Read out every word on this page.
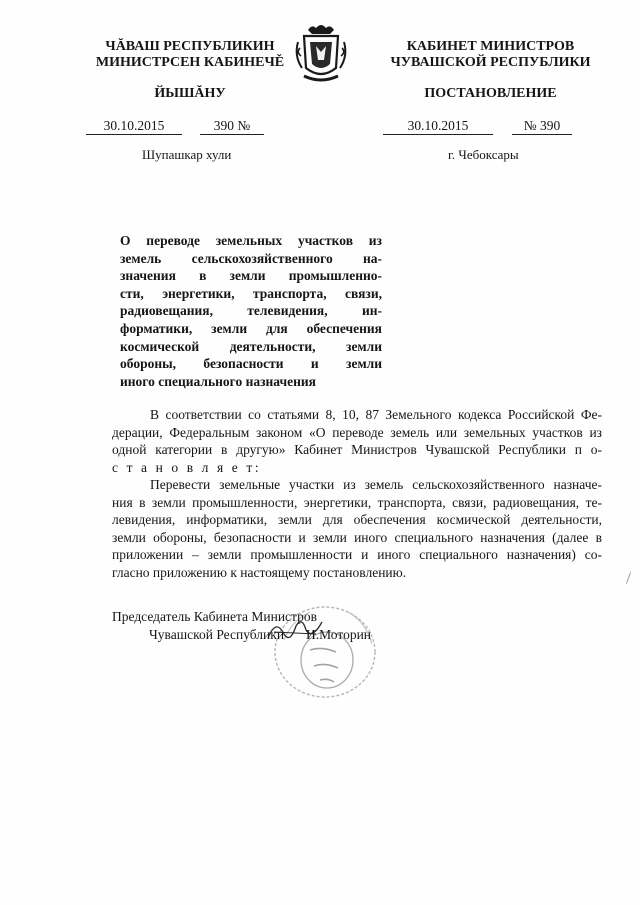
ЧĂВАШ РЕСПУБЛИКИН
МИНИСТРСЕН КАБИНЕЧĚ
КАБИНЕТ МИНИСТРОВ
ЧУВАШСКОЙ РЕСПУБЛИКИ
ЙЫШĂНУ	ПОСТАНОВЛЕНИЕ
30.10.2015	390 №	30.10.2015	№ 390
Шупашкар хули	г. Чебоксары
О переводе земельных участков из
земель сельскохозяйственного на-
значения в земли промышленно-
сти, энергетики, транспорта, связи,
радиовещания, телевидения, ин-
форматики, земли для обеспечения
космической деятельности, земли
обороны, безопасности и земли
иного специального назначения
В соответствии со статьями 8, 10, 87 Земельного кодекса Российской Фе-
дерации, Федеральным законом «О переводе земель или земельных участков из
одной категории в другую» Кабинет Министров Чувашской Республики п о-
с т а н о в л я е т:
Перевести земельные участки из земель сельскохозяйственного назначе-
ния в земли промышленности, энергетики, транспорта, связи, радиовещания, те-
левидения, информатики, земли для обеспечения космической деятельности,
земли обороны, безопасности и земли иного специального назначения (далее в
приложении – земли промышленности и иного специального назначения) со-
гласно приложению к настоящему постановлению.
Председатель Кабинета Министров
Чувашской Республики И.Моторин
